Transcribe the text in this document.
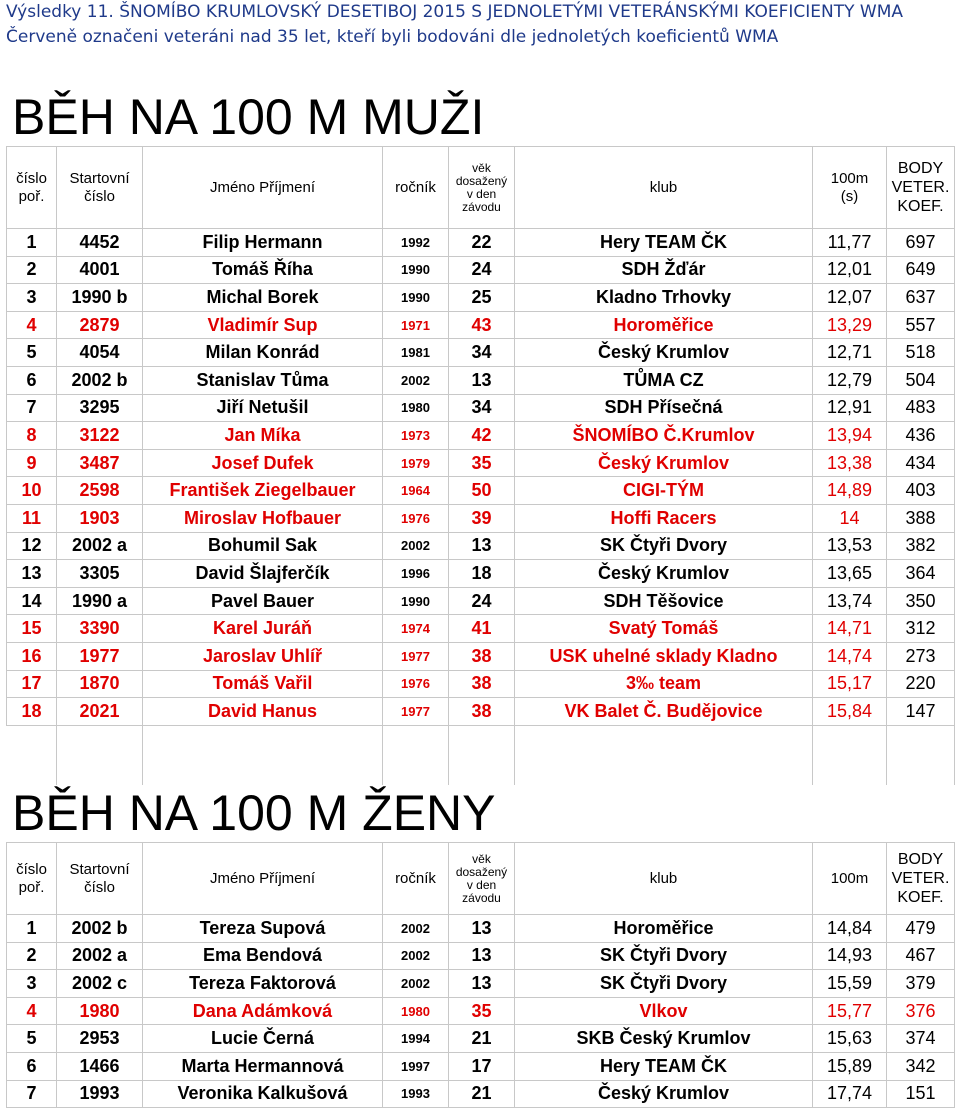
Výsledky 11. ŠNOMÍBO KRUMLOVSKÝ DESETIBOJ 2015 S JEDNOLETÝMI VETERÁNSKÝMI KOEFICIENTY WMA
Červeně označeni veteráni nad 35 let, kteří byli bodováni dle jednoletých koeficientů WMA
BĚH NA 100 M MUŽI
číslo
poř.	Startovní
číslo	Jméno Příjmení	ročník	věk
dosažený
v den
závodu	klub	100m
(s)	BODY
VETER.
KOEF.
1	4452	Filip Hermann	1992	22	Hery TEAM ČK	11,77	697
2	4001	Tomáš Říha	1990	24	SDH Žďár	12,01	649
3	1990 b	Michal Borek	1990	25	Kladno Trhovky	12,07	637
4	2879	Vladimír Sup	1971	43	Horoměřice	13,29	557
5	4054	Milan Konrád	1981	34	Český Krumlov	12,71	518
6	2002 b	Stanislav Tůma	2002	13	TŮMA CZ	12,79	504
7	3295	Jiří Netušil	1980	34	SDH Přísečná	12,91	483
8	3122	Jan Míka	1973	42	ŠNOMÍBO Č.Krumlov	13,94	436
9	3487	Josef Dufek	1979	35	Český Krumlov	13,38	434
10	2598	František Ziegelbauer	1964	50	CIGI-TÝM	14,89	403
11	1903	Miroslav Hofbauer	1976	39	Hoffi Racers	14	388
12	2002 a	Bohumil Sak	2002	13	SK Čtyři Dvory	13,53	382
13	3305	David Šlajferčík	1996	18	Český Krumlov	13,65	364
14	1990 a	Pavel Bauer	1990	24	SDH Těšovice	13,74	350
15	3390	Karel Juráň	1974	41	Svatý Tomáš	14,71	312
16	1977	Jaroslav Uhlíř	1977	38	USK uhelné sklady Kladno	14,74	273
17	1870	Tomáš Vařil	1976	38	3‰ team	15,17	220
18	2021	David Hanus	1977	38	VK Balet Č. Budějovice	15,84	147
BĚH NA 100 M ŽENY
číslo
poř.	Startovní
číslo	Jméno Příjmení	ročník	věk
dosažený
v den
závodu	klub	100m	BODY
VETER.
KOEF.
1	2002 b	Tereza Supová	2002	13	Horoměřice	14,84	479
2	2002 a	Ema Bendová	2002	13	SK Čtyři Dvory	14,93	467
3	2002 c	Tereza Faktorová	2002	13	SK Čtyři Dvory	15,59	379
4	1980	Dana Adámková	1980	35	Vlkov	15,77	376
5	2953	Lucie Černá	1994	21	SKB Český Krumlov	15,63	374
6	1466	Marta Hermannová	1997	17	Hery TEAM ČK	15,89	342
7	1993	Veronika Kalkušová	1993	21	Český Krumlov	17,74	151
